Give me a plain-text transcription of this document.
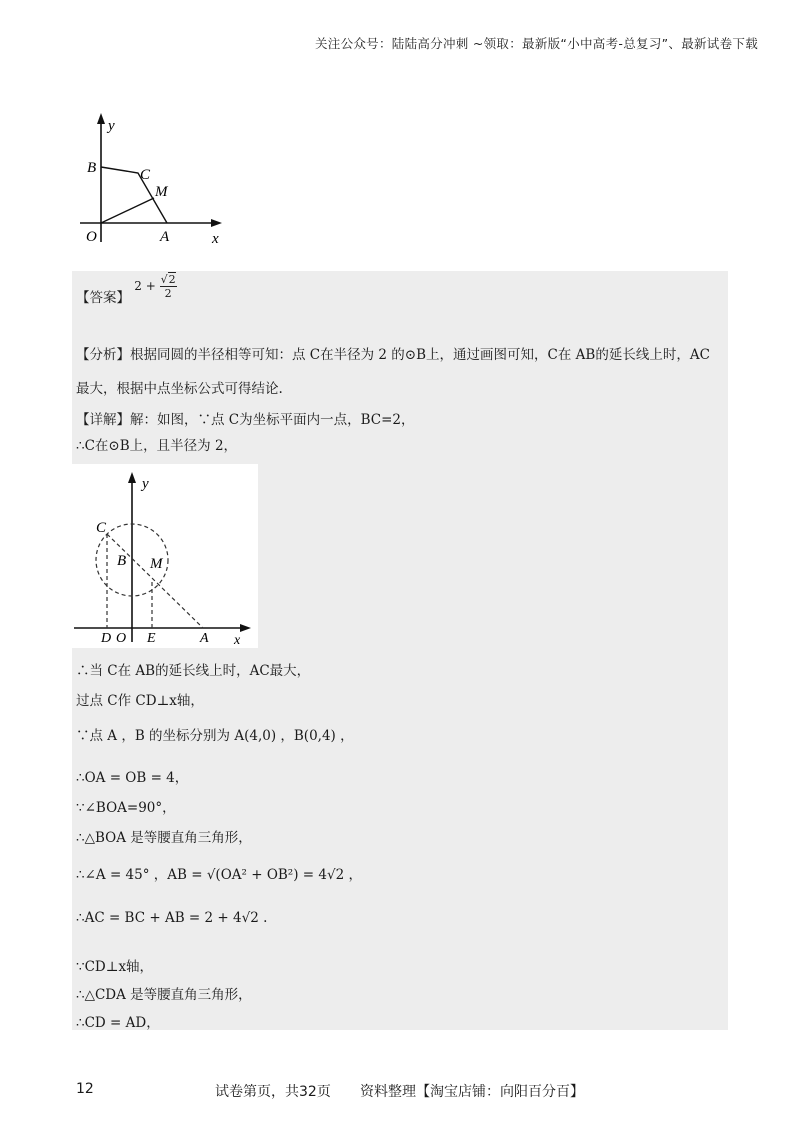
关注公众号：陆陆高分冲刺 ~领取：最新版“小中高考-总复习”、最新试卷下载
y
B	C
M
O	A	x
【答案】 $2 + \frac{√2}{2}$
【分析】根据同圆的半径相等可知：点 C在半径为 2 的⊙B上，通过画图可知，C在 AB的延长线上时，AC
最大，根据中点坐标公式可得结论.
【详解】解：如图，∵点 C为坐标平面内一点，BC=2，
∴C在⊙B上，且半径为 2，
y
C
B M
D O E	A x
∴当 C在 AB的延长线上时，AC最大，
过点 C作 CD⊥x轴，
∵点 A ，B 的坐标分别为 A(4,0) ，B(0,4) ，
∴OA = OB = 4，
∵∠BOA=90°，
∴△BOA 是等腰直角三角形，
∴∠A = 45° ，AB = √(OA² + OB²) = 4√2 ，
∴AC = BC + AB = 2 + 4√2 .
∵CD⊥x轴，
∴△CDA 是等腰直角三角形，
∴CD = AD，
12	试卷第页，共32页 资料整理【淘宝店铺：向阳百分百】
